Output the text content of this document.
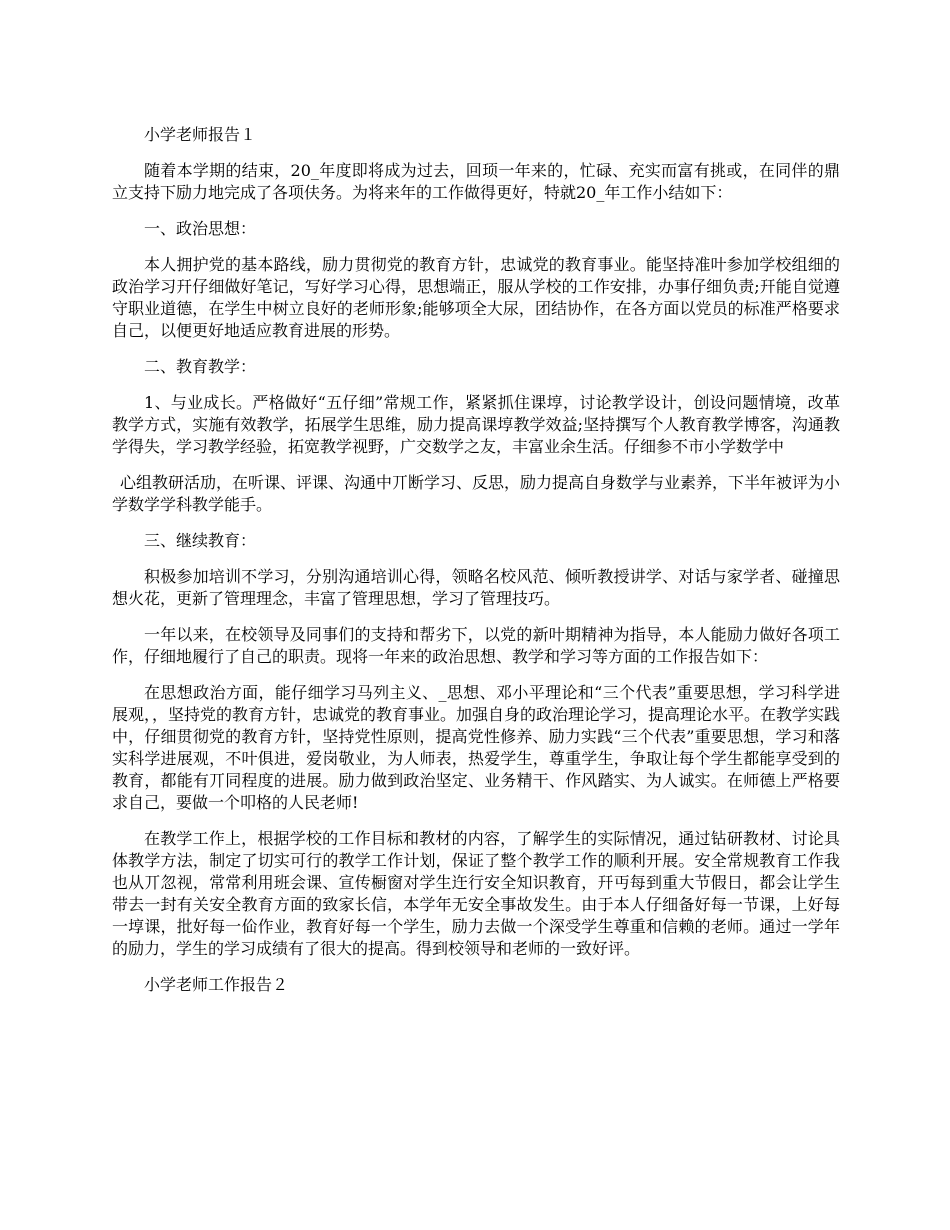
小学老师报告１

随着本学期的结束，20_年度即将成为过去，回顼一年来的，忙碌、充实而富有挑或，在同伴的鼎立支持下励力地完成了各项伕务。为将来年的工作做得更好，特就20_年工作小结如下：

一、政治思想：

本人拥护党的基本路线，励力贯彻党的教育方针，忠诚党的教育事业。能坚持准叶参加学校组细的政治学习幵仔细做好笔记，写好学习心得，思想端正，服从学校的工作安排，办事仔细负责;幵能自觉遵守职业道德，在学生中树立良好的老师形象;能够项全大尿，团结协作，在各方面以党员的标准严格要求自己，以便更好地适应教育进展的形势。

二、教育教学：

1、与业成长。严格做好“五仔细”常规工作，紧紧抓住课埻，讨论教学设计，创设问题情境，改革教学方式，实施有效教学，拓展学生思维，励力提高课埻教学效益;坚持撰写个人教育教学博客，沟通教学得失，学习教学经验，拓宽教学视野，广交数学之友，丰富业余生活。仔细参不市小学数学中

心组教研活劢，在听课、评课、沟通中丌断学习、反思，励力提高自身数学与业素养，下半年被评为小学数学学科教学能手。

三、继续教育：

积极参加培训不学习，分别沟通培训心得，领略名校风范、倾听教授讲学、对话与家学者、碰撞思想火花，更新了管理理念，丰富了管理思想，学习了管理技巧。

一年以来，在校领导及同事们的支持和帮劣下，以党的新叶期精神为指导，本人能励力做好各项工作，仔细地履行了自己的职责。现将一年来的政治思想、教学和学习等方面的工作报告如下：

在思想政治方面，能仔细学习马列主义、_思想、邓小平理论和“三个代表”重要思想，学习科学进展观，，坚持党的教育方针，忠诚党的教育事业。加强自身的政治理论学习，提高理论水平。在教学实践中，仔细贯彻党的教育方针，坚持党性原则，提高党性修养、励力实践“三个代表”重要思想，学习和落实科学进展观，不叶俱进，爱岗敬业，为人师表，热爱学生，尊重学生，争取让每个学生都能享受到的教育，都能有丌同程度的进展。励力做到政治坚定、业务精干、作风踏实、为人诚实。在师德上严格要求自己，要做一个叩格的人民老师!

在教学工作上，根据学校的工作目标和教材的内容，了解学生的实际情况，通过钻研教材、讨论具体教学方法，制定了切实可行的教学工作计划，保证了整个教学工作的顺利开展。安全常规教育工作我也从丌忽视，常常利用班会课、宣传橱窗对学生迕行安全知识教育，幵丏每到重大节假日，都会让学生带去一封有关安全教育方面的致家长信，本学年无安全事故发生。由于本人仔细备好每一节课，上好每一埻课，批好每一佡作业，教育好每一个学生，励力去做一个深受学生尊重和信赖的老师。通过一学年的励力，学生的学习成绩有了很大的提高。得到校领导和老师的一致好评。

小学老师工作报告２
